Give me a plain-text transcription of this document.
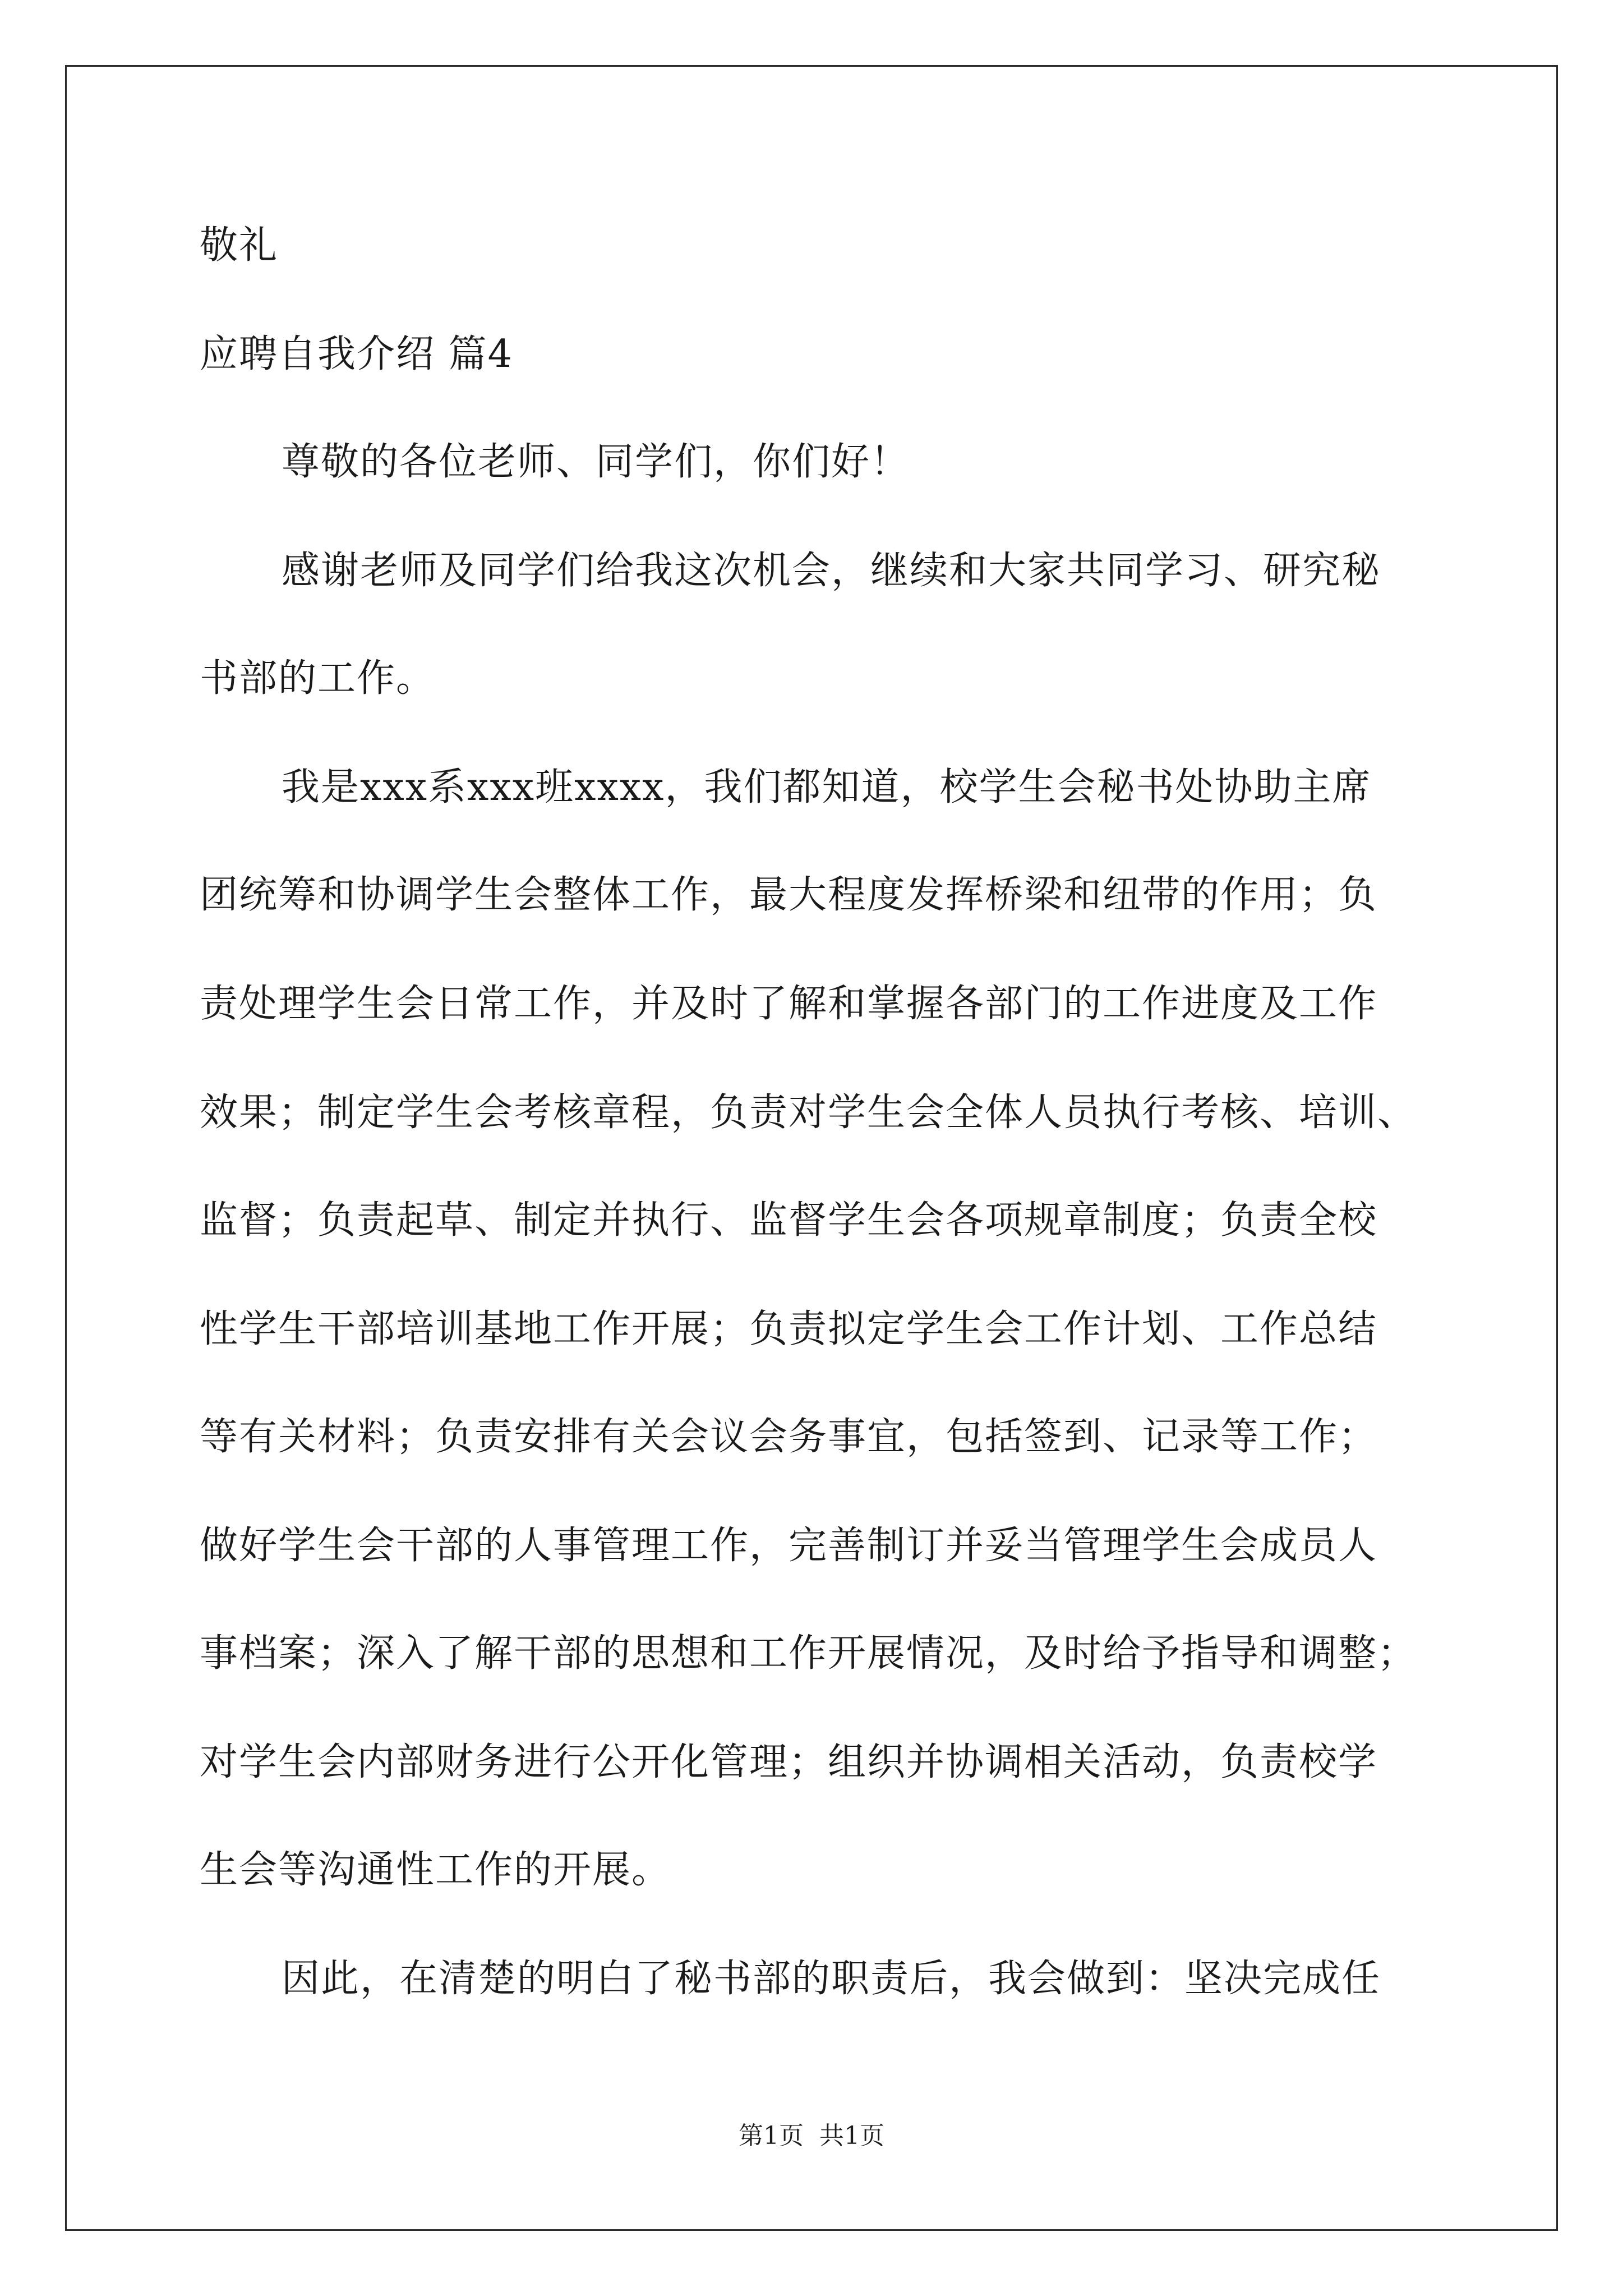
敬礼
应聘自我介绍 篇4
尊敬的各位老师、同学们，你们好！
感谢老师及同学们给我这次机会，继续和大家共同学习、研究秘
书部的工作。
我是xxx系xxx班xxxx，我们都知道，校学生会秘书处协助主席
团统筹和协调学生会整体工作，最大程度发挥桥梁和纽带的作用；负
责处理学生会日常工作，并及时了解和掌握各部门的工作进度及工作
效果；制定学生会考核章程，负责对学生会全体人员执行考核、培训、
监督；负责起草、制定并执行、监督学生会各项规章制度；负责全校
性学生干部培训基地工作开展；负责拟定学生会工作计划、工作总结
等有关材料；负责安排有关会议会务事宜，包括签到、记录等工作；
做好学生会干部的人事管理工作，完善制订并妥当管理学生会成员人
事档案；深入了解干部的思想和工作开展情况，及时给予指导和调整；
对学生会内部财务进行公开化管理；组织并协调相关活动，负责校学
生会等沟通性工作的开展。
因此，在清楚的明白了秘书部的职责后，我会做到：坚决完成任
第1页  共1页
